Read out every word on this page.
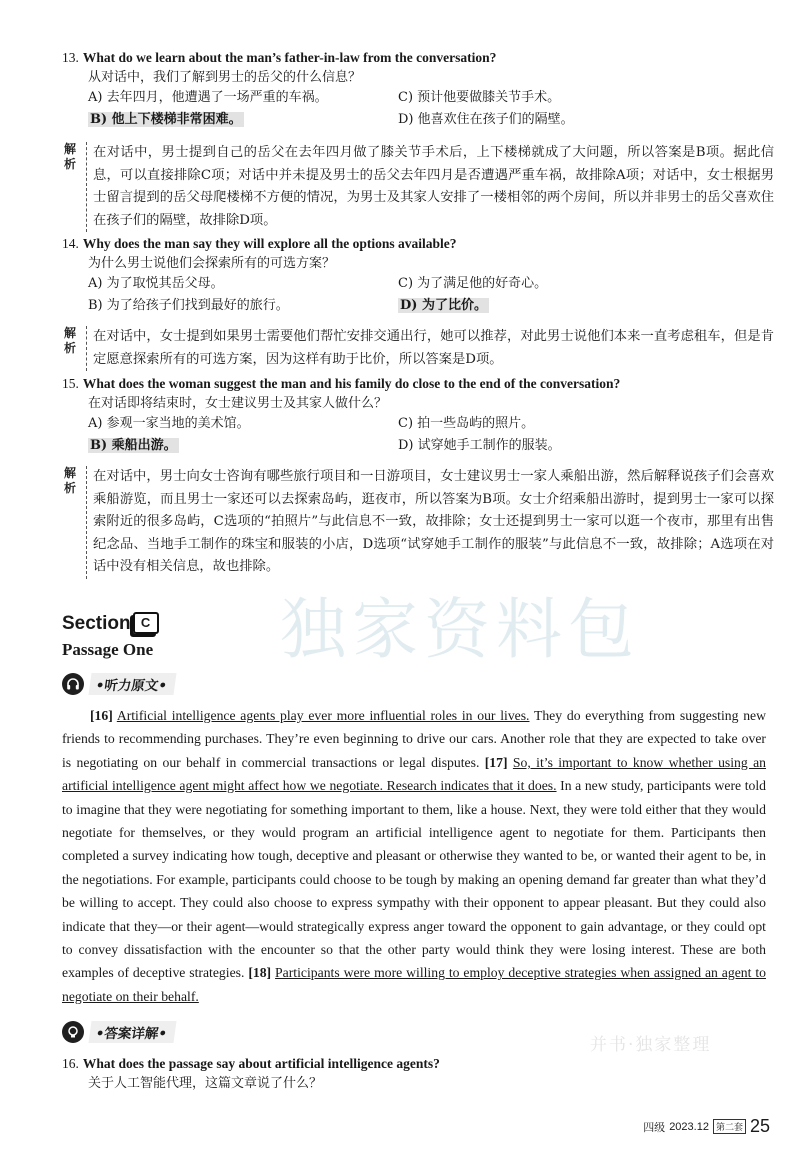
独家资料包
13. What do we learn about the man’s father-in-law from the conversation?
从对话中，我们了解到男士的岳父的什么信息？
A) 去年四月，他遭遇了一场严重的车祸。	C) 预计他要做膝关节手术。
B) 他上下楼梯非常困难。	D) 他喜欢住在孩子们的隔壁。
解析
在对话中，男士提到自己的岳父在去年四月做了膝关节手术后，上下楼梯就成了大问题，所以答案是B项。据此信息，可以直接排除C项；对话中并未提及男士的岳父去年四月是否遭遇严重车祸，故排除A项；对话中，女士根据男士留言提到的岳父母爬楼梯不方便的情况，为男士及其家人安排了一楼相邻的两个房间，所以并非男士的岳父喜欢住在孩子们的隔壁，故排除D项。
14. Why does the man say they will explore all the options available?
为什么男士说他们会探索所有的可选方案？
A) 为了取悦其岳父母。	C) 为了满足他的好奇心。
B) 为了给孩子们找到最好的旅行。	D) 为了比价。
解析
在对话中，女士提到如果男士需要他们帮忙安排交通出行，她可以推荐，对此男士说他们本来一直考虑租车，但是肯定愿意探索所有的可选方案，因为这样有助于比价，所以答案是D项。
15. What does the woman suggest the man and his family do close to the end of the conversation?
在对话即将结束时，女士建议男士及其家人做什么？
A) 参观一家当地的美术馆。	C) 拍一些岛屿的照片。
B) 乘船出游。	D) 试穿她手工制作的服装。
解析
在对话中，男士向女士咨询有哪些旅行项目和一日游项目，女士建议男士一家人乘船出游，然后解释说孩子们会喜欢乘船游览，而且男士一家还可以去探索岛屿，逛夜市，所以答案为B项。女士介绍乘船出游时，提到男士一家可以探索附近的很多岛屿，C选项的“拍照片”与此信息不一致，故排除；女士还提到男士一家可以逛一个夜市，那里有出售纪念品、当地手工制作的珠宝和服装的小店，D选项“试穿她手工制作的服装”与此信息不一致，故排除；A选项在对话中没有相关信息，故也排除。
Section C
Passage One
•听力原文•

[16] Artificial intelligence agents play ever more influential roles in our lives. They do everything from suggesting new friends to recommending purchases. They’re even beginning to drive our cars. Another role that they are expected to take over is negotiating on our behalf in commercial transactions or legal disputes. [17] So, it’s important to know whether using an artificial intelligence agent might affect how we negotiate. Research indicates that it does. In a new study, participants were told to imagine that they were negotiating for something important to them, like a house. Next, they were told either that they would negotiate for themselves, or they would program an artificial intelligence agent to negotiate for them. Participants then completed a survey indicating how tough, deceptive and pleasant or otherwise they wanted to be, or wanted their agent to be, in the negotiations. For example, participants could choose to be tough by making an opening demand far greater than what they’d be willing to accept. They could also choose to express sympathy with their opponent to appear pleasant. But they could also indicate that they—or their agent—would strategically express anger toward the opponent to gain advantage, or they could opt to convey dissatisfaction with the encounter so that the other party would think they were losing interest. These are both examples of deceptive strategies. [18] Participants were more willing to employ deceptive strategies when assigned an agent to negotiate on their behalf.

•答案详解•
并书·独家整理
16. What does the passage say about artificial intelligence agents?
关于人工智能代理，这篇文章说了什么？
四级 2023.12 第二套 25
